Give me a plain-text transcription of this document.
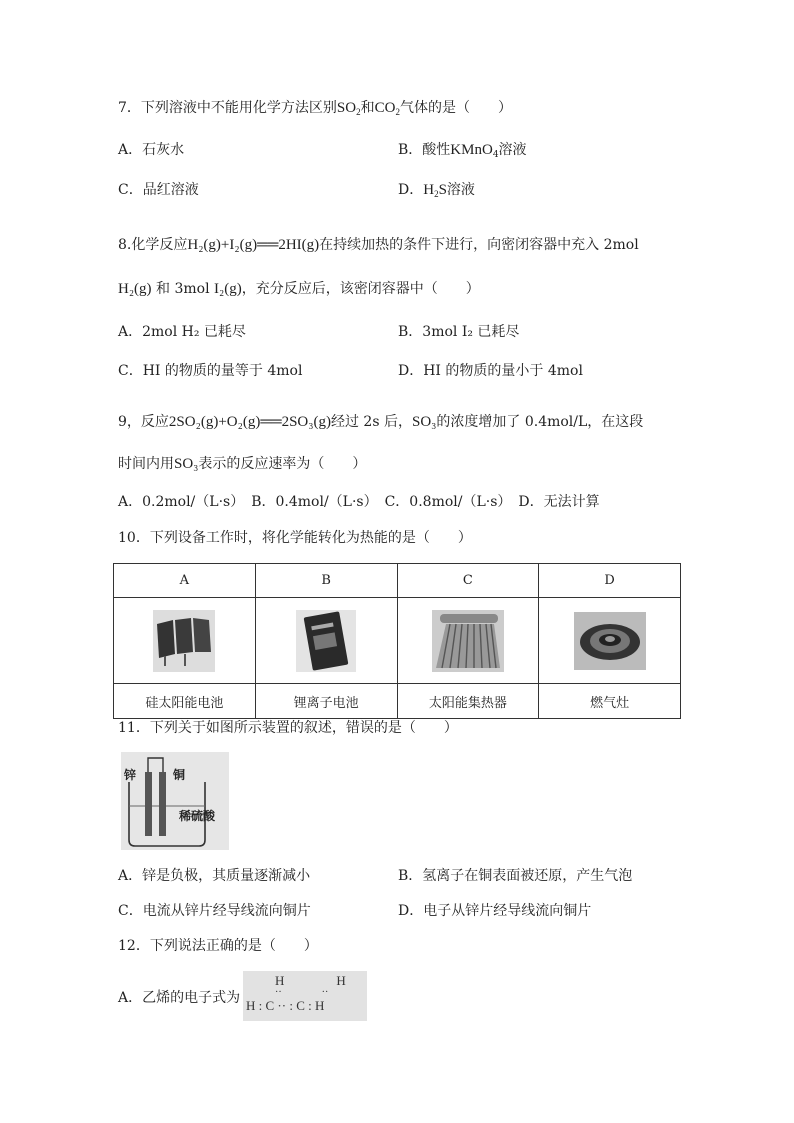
7．下列溶液中不能用化学方法区别$SO_2$和$CO_2$气体的是（　　）
A．石灰水	B．酸性KMnO$_4$溶液
C．品红溶液	D．$H_2S$溶液
8.化学反应H₂(g)+I₂(g)══2HI(g)在持续加热的条件下进行，向密闭容器中充入 2mol
H₂(g) 和 3mol I₂(g)，充分反应后，该密闭容器中（　　）
A．2mol H₂ 已耗尽	B．3mol I₂ 已耗尽
C．HI 的物质的量等于 4mol	D．HI 的物质的量小于 4mol
9，反应2SO₂(g)+O₂(g)══2SO₃(g)经过 2s 后，SO₃的浓度增加了 0.4mol/L，在这段
时间内用SO₃表示的反应速率为（　　）
A．0.2mol/（L·s）　B．0.4mol/（L·s）　C．0.8mol/（L·s）　D．无法计算
10．下列设备工作时，将化学能转化为热能的是（　　）
A	B	C	D

硅太阳能电池	锂离子电池	太阳能集热器	燃气灶
11．下列关于如图所示装置的叙述，错误的是（　　）
锌	铜
稀硫酸
A．锌是负极，其质量逐渐减小	B．氢离子在铜表面被还原，产生气泡
C．电流从锌片经导线流向铜片	D．电子从锌片经导线流向铜片
12．下列说法正确的是（　　）
A．乙烯的电子式为
H　　　　H
··　　　　··
H : C ·· : C : H
